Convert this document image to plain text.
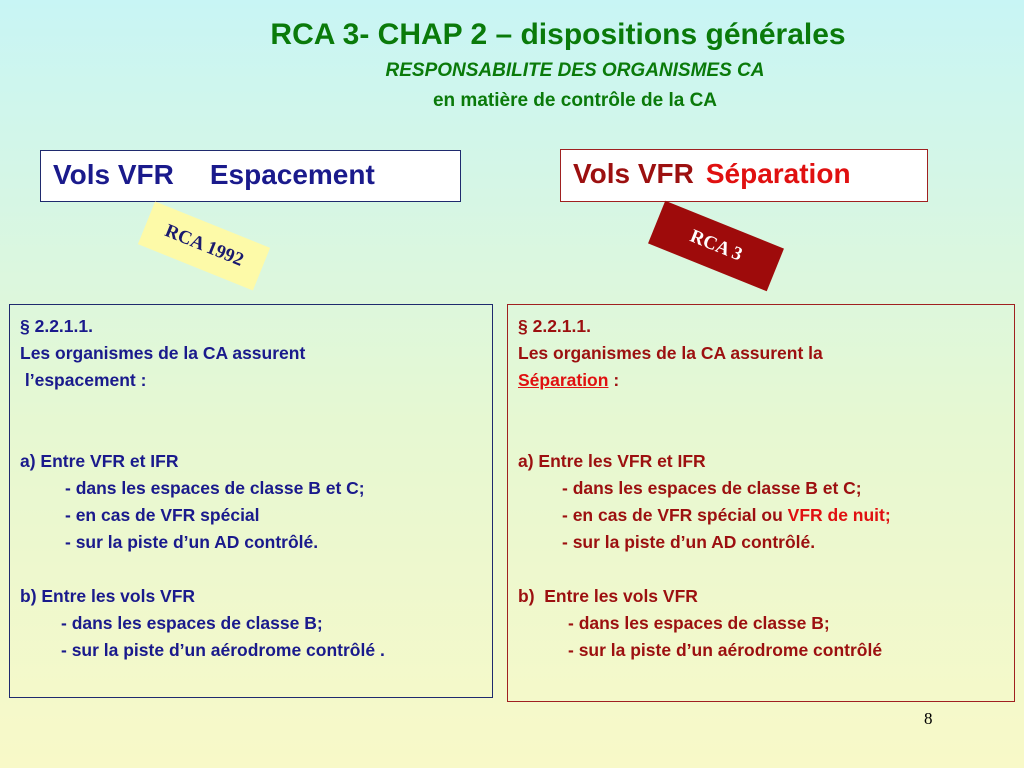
RCA 3- CHAP 2 – dispositions générales
RESPONSABILITE DES ORGANISMES CA
en matière de contrôle de la CA
Vols VFR Espacement	Vols VFR Séparation
RCA 1992	RCA 3

§ 2.2.1.1.

Les organismes de la CA assurent

l’espacement :

a) Entre VFR et IFR

- dans les espaces de classe B et C;

- en cas de VFR spécial

- sur la piste d’un AD contrôlé.

b) Entre les vols VFR

- dans les espaces de classe B;

- sur la piste d’un aérodrome contrôlé .

§ 2.2.1.1.

Les organismes de la CA assurent la

Séparation :

a) Entre les VFR et IFR

- dans les espaces de classe B et C;

- en cas de VFR spécial ou VFR de nuit;

- sur la piste d’un AD contrôlé.

b)  Entre les vols VFR

- dans les espaces de classe B;

- sur la piste d’un aérodrome contrôlé

8
